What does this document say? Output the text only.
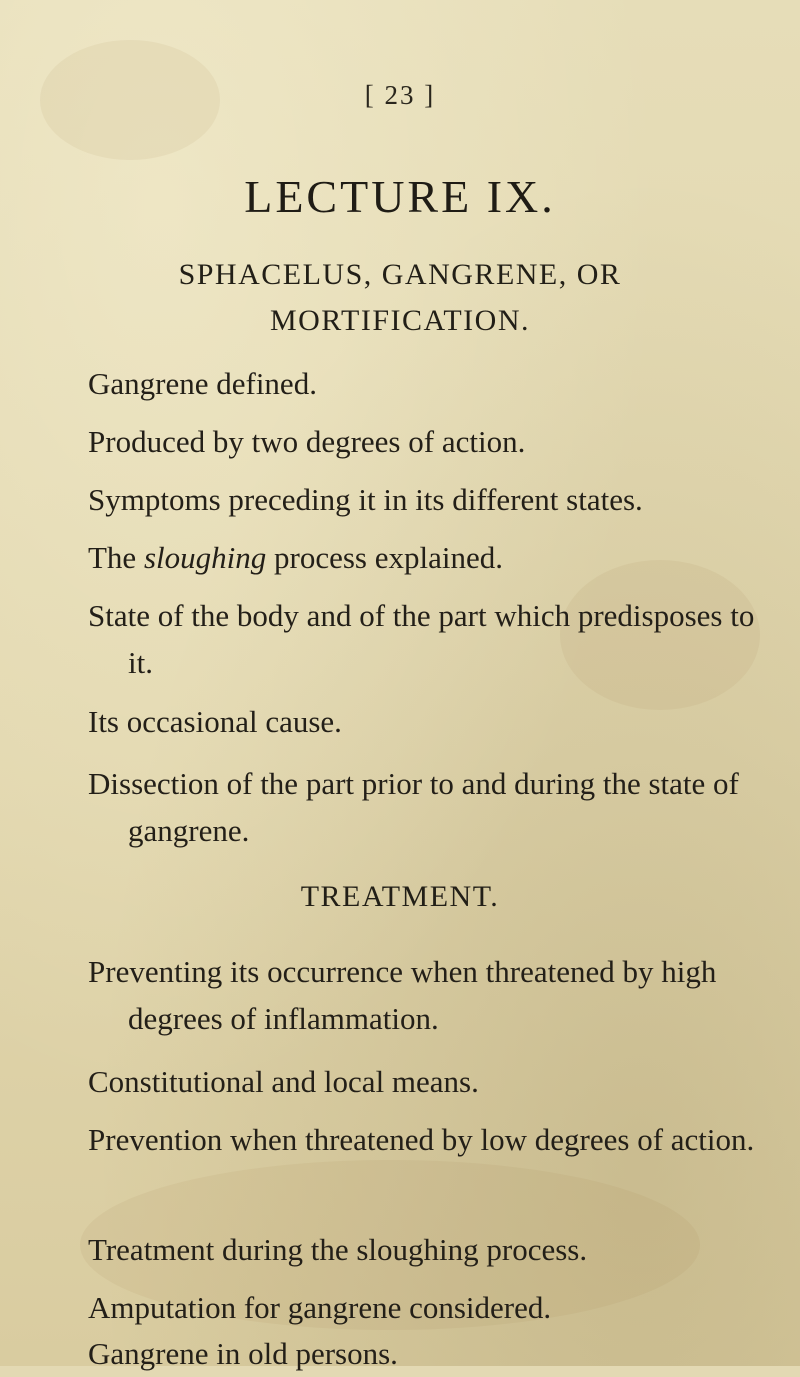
[ 23 ]
LECTURE IX.
SPHACELUS, GANGRENE, OR
MORTIFICATION.
Gangrene defined.
Produced by two degrees of action.
Symptoms preceding it in its different states.
The sloughing process explained.
State of the body and of the part which predisposes to it.
Its occasional cause.
Dissection of the part prior to and during the state of gangrene.
TREATMENT.
Preventing its occurrence when threatened by high degrees of inflammation.
Constitutional and local means.
Prevention when threatened by low degrees of action.
Treatment during the sloughing process.
Amputation for gangrene considered.
Gangrene in old persons.
